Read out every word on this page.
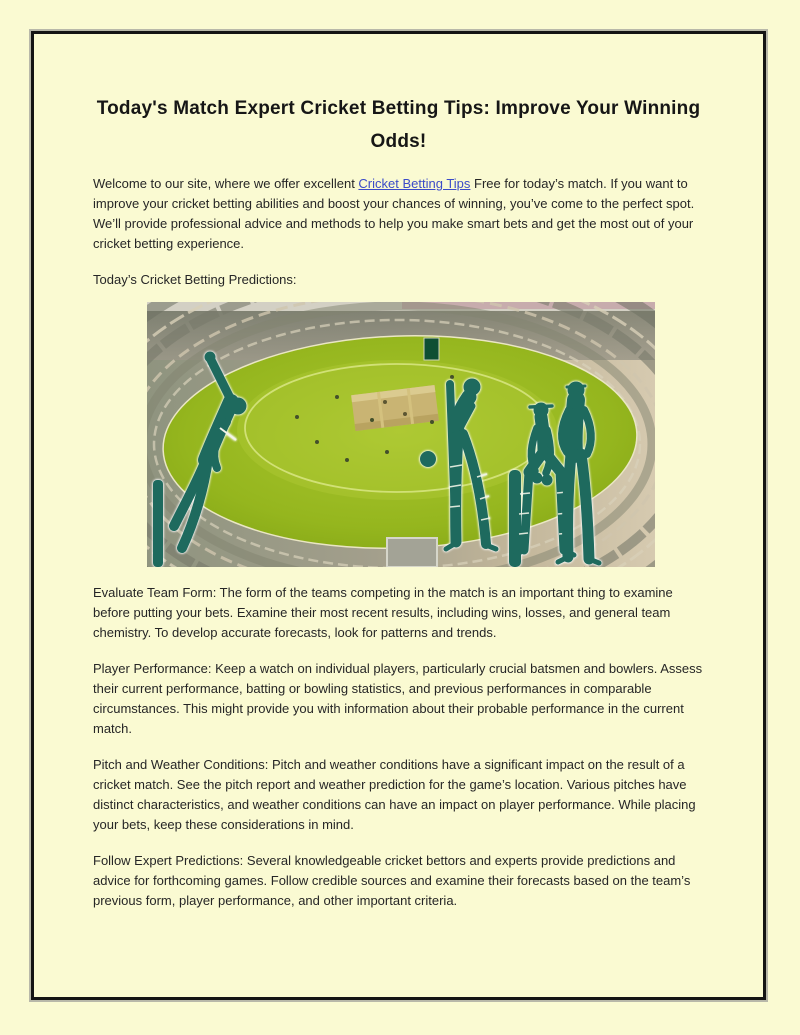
Today's Match Expert Cricket Betting Tips: Improve Your Winning Odds!

Welcome to our site, where we offer excellent Cricket Betting Tips Free for today’s match. If you want to improve your cricket betting abilities and boost your chances of winning, you’ve come to the perfect spot. We’ll provide professional advice and methods to help you make smart bets and get the most out of your cricket betting experience.

Today’s Cricket Betting Predictions:

Evaluate Team Form: The form of the teams competing in the match is an important thing to examine before putting your bets. Examine their most recent results, including wins, losses, and general team chemistry. To develop accurate forecasts, look for patterns and trends.

Player Performance: Keep a watch on individual players, particularly crucial batsmen and bowlers. Assess their current performance, batting or bowling statistics, and previous performances in comparable circumstances. This might provide you with information about their probable performance in the current match.

Pitch and Weather Conditions: Pitch and weather conditions have a significant impact on the result of a cricket match. See the pitch report and weather prediction for the game’s location. Various pitches have distinct characteristics, and weather conditions can have an impact on player performance. While placing your bets, keep these considerations in mind.

Follow Expert Predictions: Several knowledgeable cricket bettors and experts provide predictions and advice for forthcoming games. Follow credible sources and examine their forecasts based on the team’s previous form, player performance, and other important criteria.
